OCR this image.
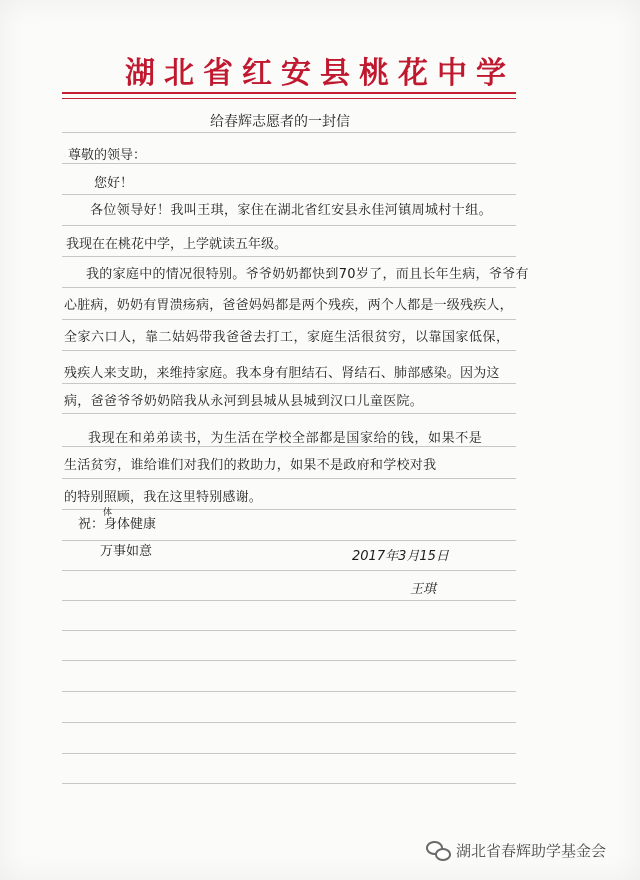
湖北省红安县桃花中学
给春辉志愿者的一封信
尊敬的领导：
您好！
各位领导好！我叫王琪，家住在湖北省红安县永佳河镇周城村十组。
我现在在桃花中学，上学就读五年级。
我的家庭中的情况很特别。爷爷奶奶都快到70岁了，而且长年生病，爷爷有
心脏病，奶奶有胃溃疡病，爸爸妈妈都是两个残疾，两个人都是一级残疾人，
全家六口人，靠二姑妈带我爸爸去打工，家庭生活很贫穷，以靠国家低保，
残疾人来支助，来维持家庭。我本身有胆结石、肾结石、肺部感染。因为这
病，爸爸爷爷奶奶陪我从永河到县城从县城到汉口儿童医院。
我现在和弟弟读书，为生活在学校全部都是国家给的钱，如果不是
生活贫穷，谁给谁们对我们的救助力，如果不是政府和学校对我
的特别照顾，我在这里特别感谢。
体
祝：身体健康
万事如意	2017年3月15日
王琪
湖北省春辉助学基金会
